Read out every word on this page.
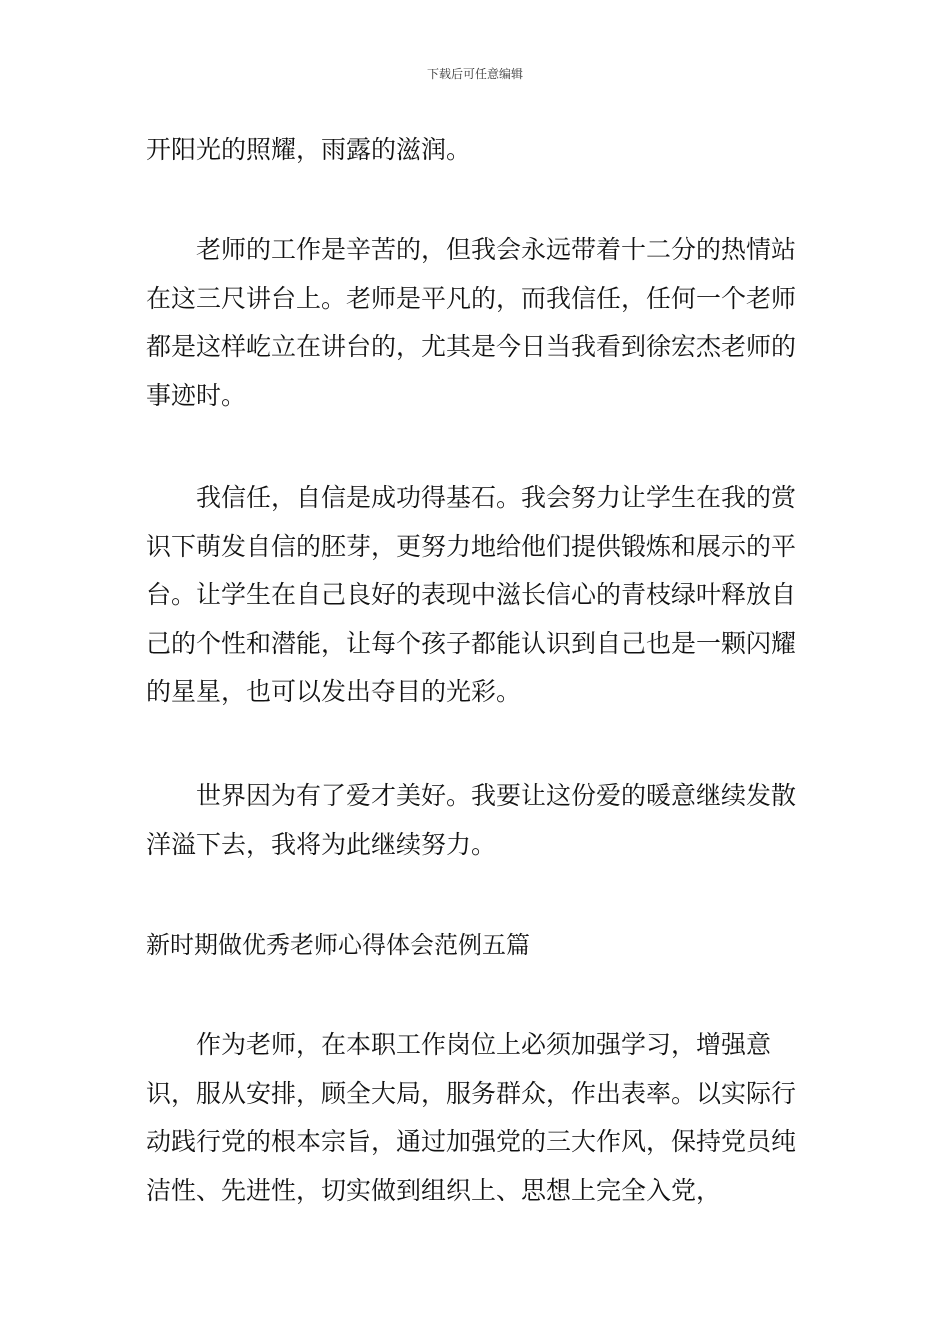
下载后可任意编辑

开阳光的照耀，雨露的滋润。

老师的工作是辛苦的，但我会永远带着十二分的热情站在这三尺讲台上。老师是平凡的，而我信任，任何一个老师都是这样屹立在讲台的，尤其是今日当我看到徐宏杰老师的事迹时。

我信任，自信是成功得基石。我会努力让学生在我的赏识下萌发自信的胚芽，更努力地给他们提供锻炼和展示的平台。让学生在自己良好的表现中滋长信心的青枝绿叶释放自己的个性和潜能，让每个孩子都能认识到自己也是一颗闪耀的星星，也可以发出夺目的光彩。

世界因为有了爱才美好。我要让这份爱的暖意继续发散洋溢下去，我将为此继续努力。

新时期做优秀老师心得体会范例五篇

作为老师，在本职工作岗位上必须加强学习，增强意识，服从安排，顾全大局，服务群众，作出表率。以实际行动践行党的根本宗旨，通过加强党的三大作风，保持党员纯洁性、先进性，切实做到组织上、思想上完全入党，
